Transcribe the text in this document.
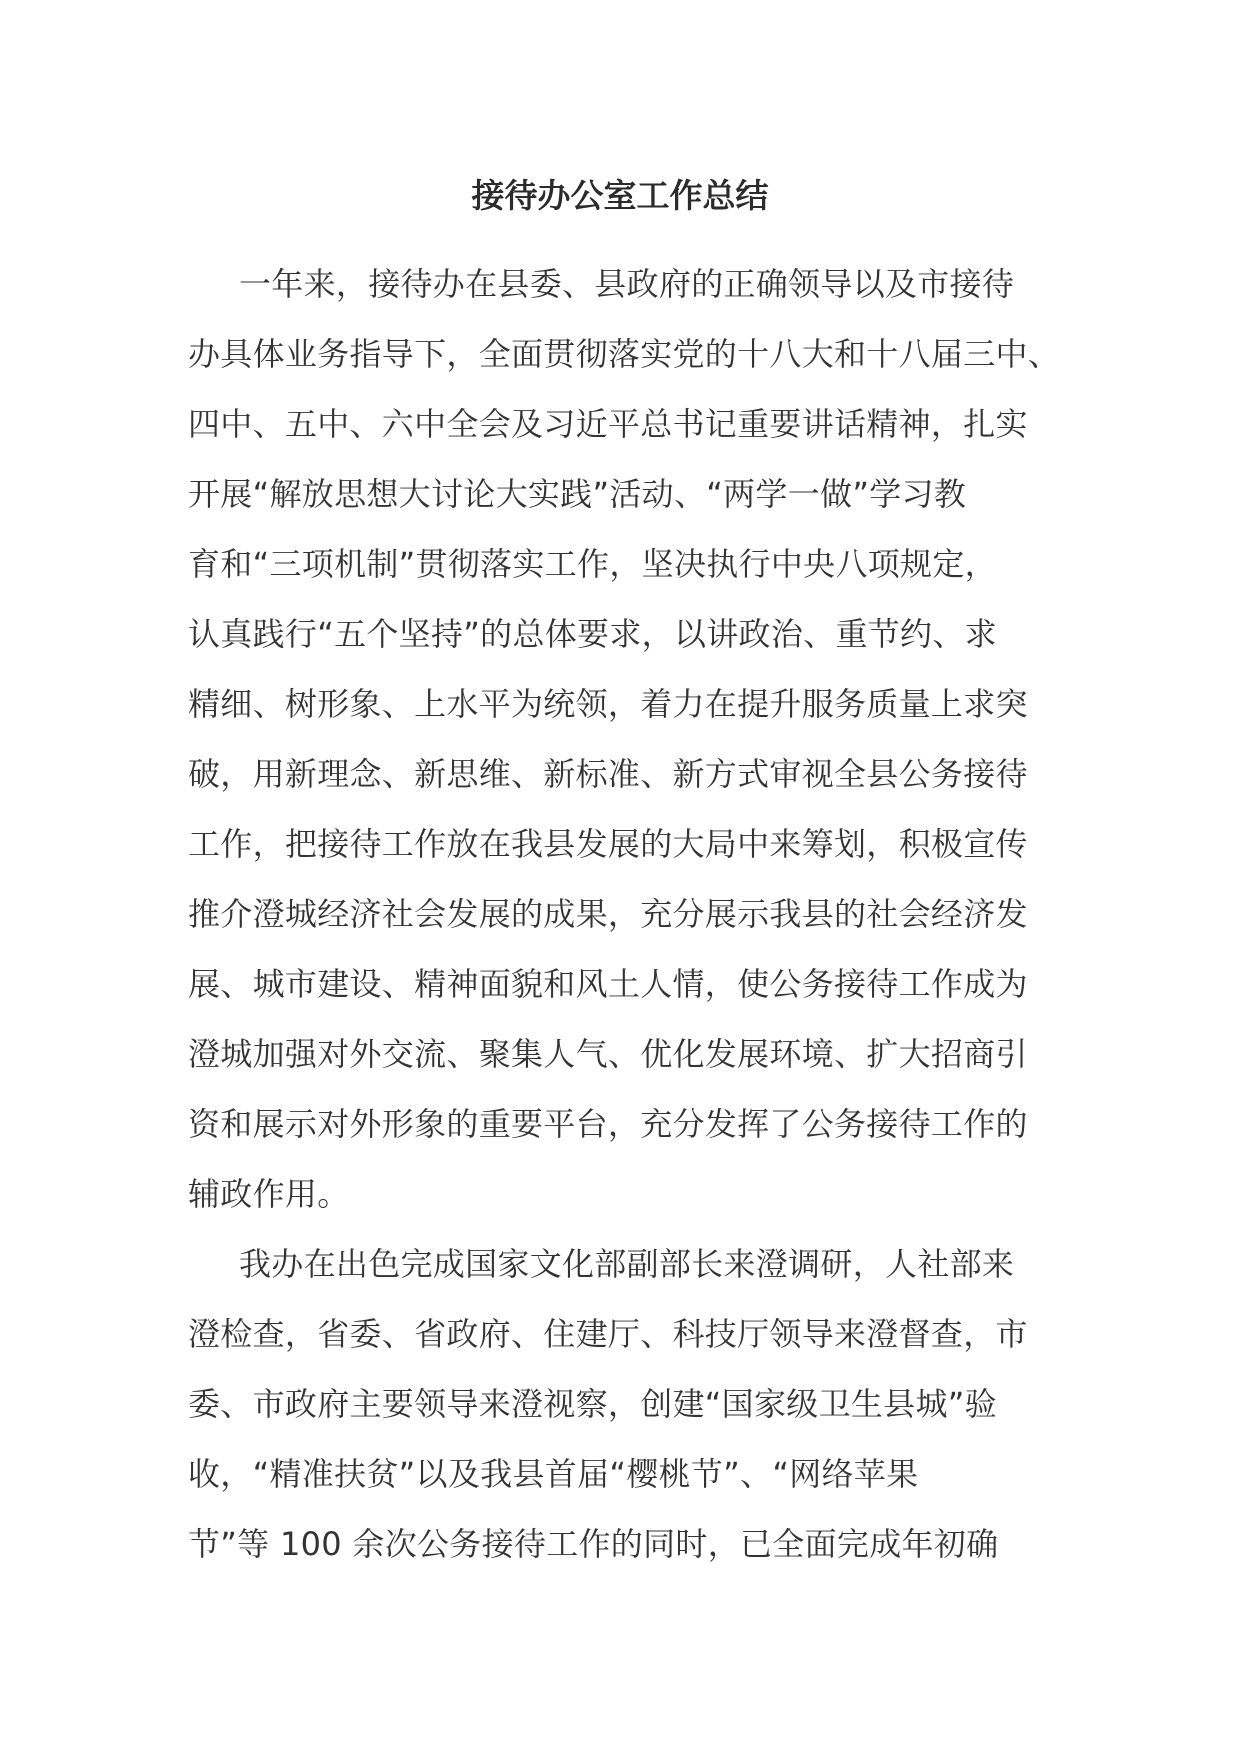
接待办公室工作总结
一年来，接待办在县委、县政府的正确领导以及市接待
办具体业务指导下，全面贯彻落实党的十八大和十八届三中、
四中、五中、六中全会及习近平总书记重要讲话精神，扎实
开展“解放思想大讨论大实践”活动、“两学一做”学习教
育和“三项机制”贯彻落实工作，坚决执行中央八项规定，
认真践行“五个坚持”的总体要求，以讲政治、重节约、求
精细、树形象、上水平为统领，着力在提升服务质量上求突
破，用新理念、新思维、新标准、新方式审视全县公务接待
工作，把接待工作放在我县发展的大局中来筹划，积极宣传
推介澄城经济社会发展的成果，充分展示我县的社会经济发
展、城市建设、精神面貌和风土人情，使公务接待工作成为
澄城加强对外交流、聚集人气、优化发展环境、扩大招商引
资和展示对外形象的重要平台，充分发挥了公务接待工作的
辅政作用。
我办在出色完成国家文化部副部长来澄调研，人社部来
澄检查，省委、省政府、住建厅、科技厅领导来澄督查，市
委、市政府主要领导来澄视察，创建“国家级卫生县城”验
收，“精准扶贫”以及我县首届“樱桃节”、“网络苹果
节”等 100 余次公务接待工作的同时，已全面完成年初确
